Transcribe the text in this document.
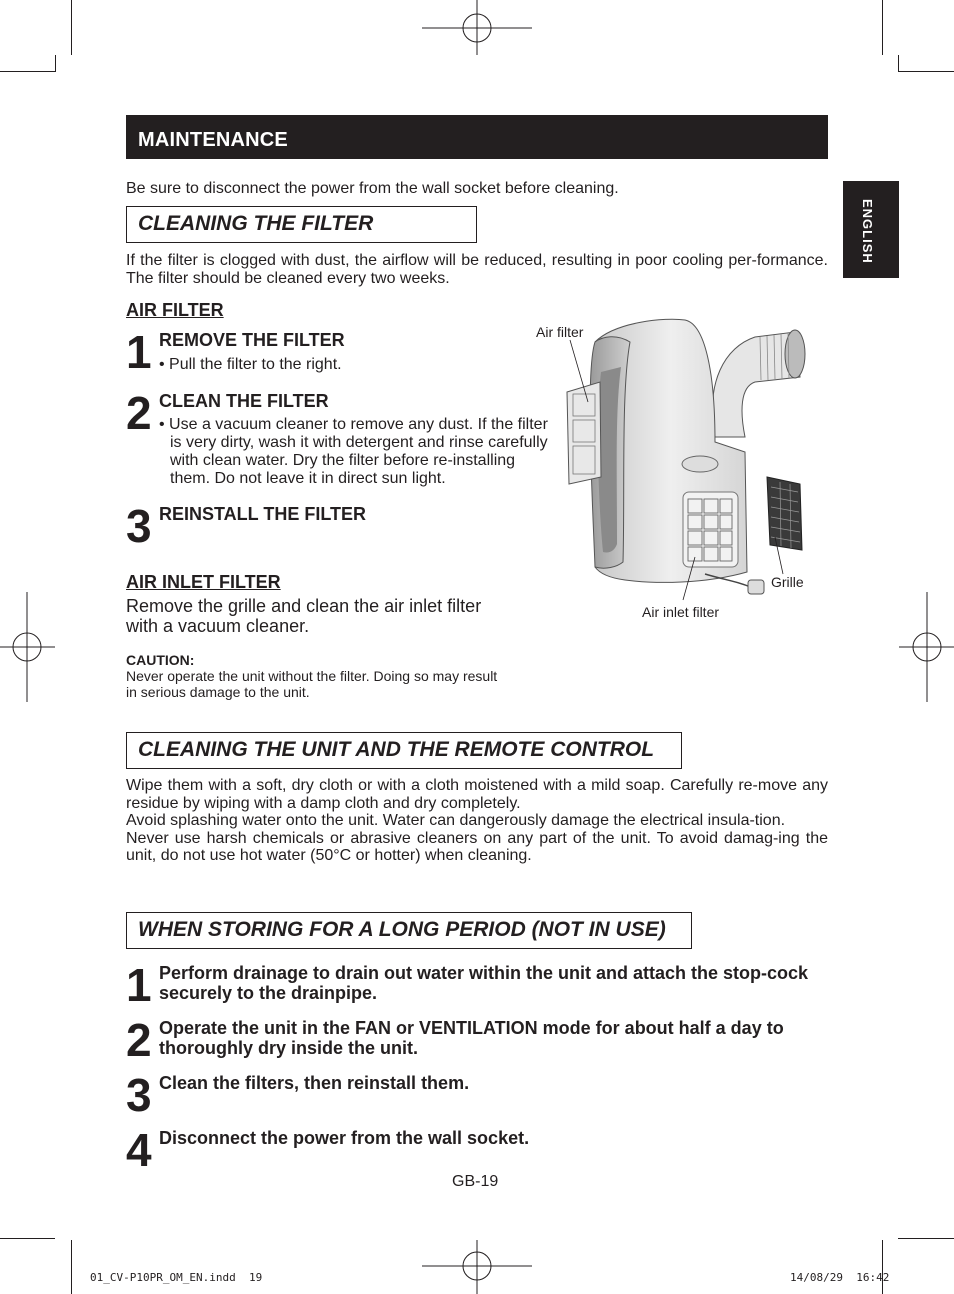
MAINTENANCE
ENGLISH
Be sure to disconnect the power from the wall socket before cleaning.
CLEANING THE FILTER
If the filter is clogged with dust, the airflow will be reduced, resulting in poor cooling per-formance. The filter should be cleaned every two weeks.
AIR FILTER
1 REMOVE THE FILTER
• Pull the filter to the right.
2 CLEAN THE FILTER
• Use a vacuum cleaner to remove any dust. If the filter is very dirty, wash it with detergent and rinse carefully with clean water. Dry the filter before re-installing them. Do not leave it in direct sun light.
3 REINSTALL THE FILTER
AIR INLET FILTER
Remove the grille and clean the air inlet filter with a vacuum cleaner.
CAUTION:
Never operate the unit without the filter. Doing so may result in serious damage to the unit.
Air filter
Grille
Air inlet filter
CLEANING THE UNIT AND THE REMOTE CONTROL
Wipe them with a soft, dry cloth or with a cloth moistened with a mild soap. Carefully re-move any residue by wiping with a damp cloth and dry completely.
Avoid splashing water onto the unit. Water can dangerously damage the electrical insula-tion.
Never use harsh chemicals or abrasive cleaners on any part of the unit. To avoid damag-ing the unit, do not use hot water (50°C or hotter) when cleaning.
WHEN STORING FOR A LONG PERIOD (NOT IN USE)
1 Perform drainage to drain out water within the unit and attach the stop-cock securely to the drainpipe.
2 Operate the unit in the FAN or VENTILATION mode for about half a day to thoroughly dry inside the unit.
3 Clean the filters, then reinstall them.
4 Disconnect the power from the wall socket.
GB-19
01_CV-P10PR_OM_EN.indd  19	14/08/29  16:42
